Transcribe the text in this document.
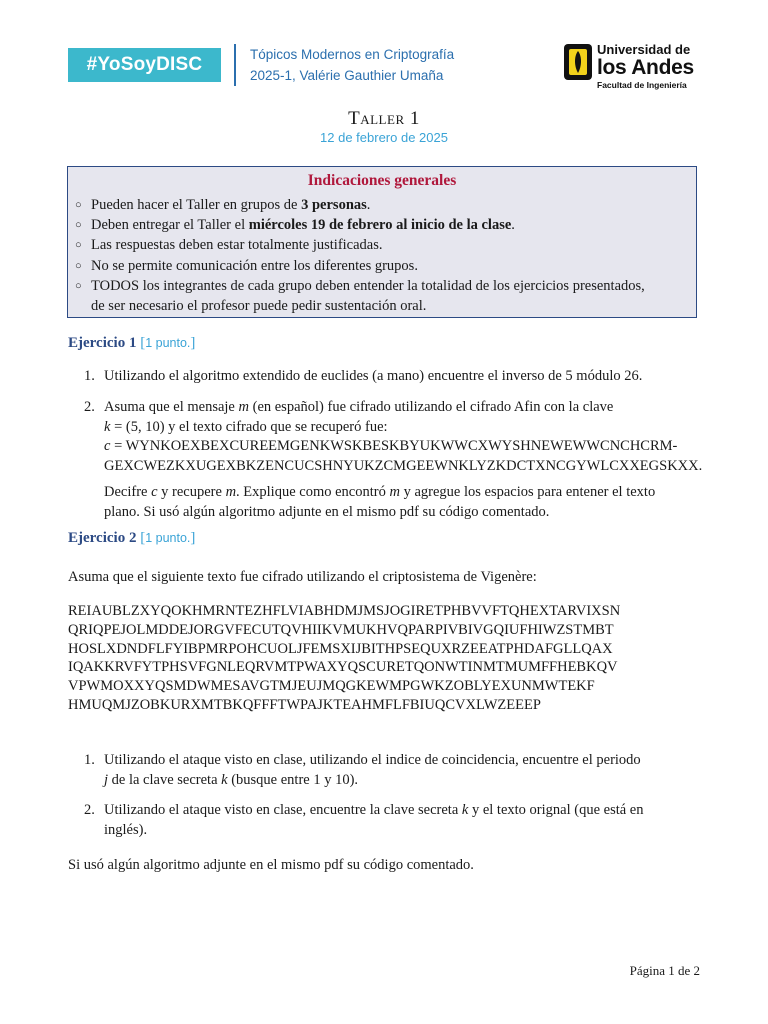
#YoSoyDISC	Tópicos Modernos en Criptografía
2025-1, Valérie Gauthier Umaña
Universidad de
los Andes
Facultad de Ingeniería
Taller 1
12 de febrero de 2025
Indicaciones generales
○ Pueden hacer el Taller en grupos de 3 personas.
○ Deben entregar el Taller el miércoles 19 de febrero al inicio de la clase.
○ Las respuestas deben estar totalmente justificadas.
○ No se permite comunicación entre los diferentes grupos.
○ TODOS los integrantes de cada grupo deben entender la totalidad de los ejercicios presentados,
de ser necesario el profesor puede pedir sustentación oral.
Ejercicio 1 [1 punto.]
1. Utilizando el algoritmo extendido de euclides (a mano) encuentre el inverso de 5 módulo 26.
2. Asuma que el mensaje m (en español) fue cifrado utilizando el cifrado Afin con la clave
k = (5, 10) y el texto cifrado que se recuperó fue:
c = WYNKOEXBEXCUREEMGENKWSKBESKBYUKWWCXWYSHNEWEWWCNCHCRM-
GEXCWEZKXUGEXBKZENCUCSHNYUKZCMGEEWNKLYZKDCTXNCGYWLCXXEGSKXX.
Decifre c y recupere m. Explique como encontró m y agregue los espacios para entener el texto
plano. Si usó algún algoritmo adjunte en el mismo pdf su código comentado.
Ejercicio 2 [1 punto.]
Asuma que el siguiente texto fue cifrado utilizando el criptosistema de Vigenère:
REIAUBLZXYQOKHMRNTEZHFLVIABHDMJMSJOGIRETPHBVVFTQHEXTARVIXSN
QRIQPEJOLMDDEJORGVFECUTQVHIIKVMUKHVQPARPIVBIVGQIUFHIWZSTMBT
HOSLXDNDFLFYIBPMRPOHCUOLJFEMSXIJBITHPSEQUXRZEEATPHDAFGLLQAX
IQAKKRVFYTPHSVFGNLEQRVMTPWAXYQSCURETQONWTINMTMUMFFHEBKQV
VPWMOXXYQSMDWMESAVGTMJEUJMQGKEWMPGWKZOBLYEXUNMWTEKF
HMUQMJZOBKURXMTBKQFFFTWPAJKTEAHMFLFBIUQCVXLWZEEEP
1. Utilizando el ataque visto en clase, utilizando el indice de coincidencia, encuentre el periodo
j de la clave secreta k (busque entre 1 y 10).
2. Utilizando el ataque visto en clase, encuentre la clave secreta k y el texto orignal (que está en
inglés).
Si usó algún algoritmo adjunte en el mismo pdf su código comentado.
Página 1 de 2
